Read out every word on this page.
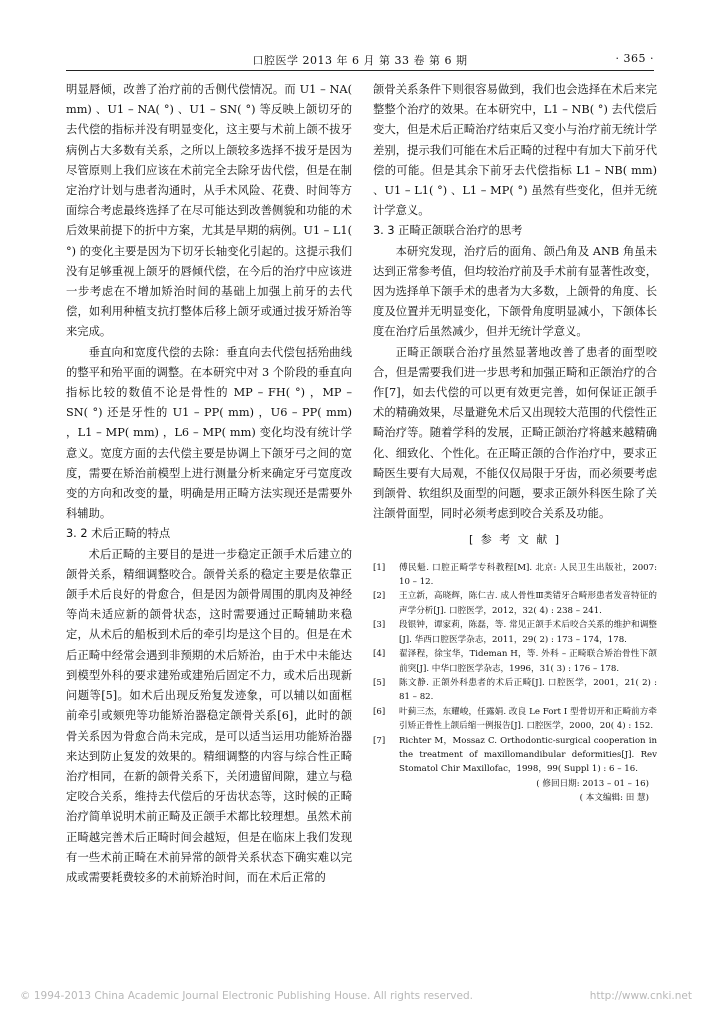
口腔医学 2013 年 6 月 第 33 卷 第 6 期	· 365 ·

明显唇倾，改善了治疗前的舌侧代偿情况。而 U1 – NA( mm) 、U1 – NA( °) 、U1 – SN( °) 等反映上颌切牙的去代偿的指标并没有明显变化，这主要与术前上颌不拔牙病例占大多数有关系，之所以上颌较多选择不拔牙是因为尽管原则上我们应该在术前完全去除牙齿代偿，但是在制定治疗计划与患者沟通时，从手术风险、花费、时间等方面综合考虑最终选择了在尽可能达到改善侧貌和功能的术后效果前提下的折中方案，尤其是早期的病例。U1 – L1( °) 的变化主要是因为下切牙长轴变化引起的。这提示我们没有足够重视上颌牙的唇倾代偿，在今后的治疗中应该进一步考虑在不增加矫治时间的基础上加强上前牙的去代偿，如利用种植支抗打整体后移上颌牙或通过拔牙矫治等来完成。

垂直向和宽度代偿的去除：垂直向去代偿包括殆曲线的整平和殆平面的调整。在本研究中对 3 个阶段的垂直向指标比较的数值不论是骨性的 MP – FH( °) ，MP – SN( °) 还是牙性的 U1 – PP( mm) ，U6 – PP( mm) ，L1 – MP( mm) ，L6 – MP( mm) 变化均没有统计学意义。宽度方面的去代偿主要是协调上下颌牙弓之间的宽度，需要在矫治前模型上进行测量分析来确定牙弓宽度改变的方向和改变的量，明确是用正畸方法实现还是需要外科辅助。

3. 2 术后正畸的特点

术后正畸的主要目的是进一步稳定正颌手术后建立的颌骨关系，精细调整咬合。颌骨关系的稳定主要是依靠正颌手术后良好的骨愈合，但是因为颌骨周围的肌肉及神经等尚未适应新的颌骨状态，这时需要通过正畸辅助来稳定，从术后的船板到术后的牵引均是这个目的。但是在术后正畸中经常会遇到非预期的术后矫治，由于术中未能达到模型外科的要求建殆或建殆后固定不力，或术后出现新问题等[5]。如术后出现反殆复发迹象，可以辅以如面框前牵引或颏兜等功能矫治器稳定颌骨关系[6]，此时的颌骨关系因为骨愈合尚未完成，是可以适当运用功能矫治器来达到防止复发的效果的。精细调整的内容与综合性正畸治疗相同，在新的颌骨关系下，关闭遗留间隙，建立与稳定咬合关系，维持去代偿后的牙齿状态等，这时候的正畸治疗简单说明术前正畸及正颌手术都比较理想。虽然术前正畸越完善术后正畸时间会越短，但是在临床上我们发现有一些术前正畸在术前异常的颌骨关系状态下确实难以完成或需要耗费较多的术前矫治时间，而在术后正常的

颌骨关系条件下则很容易做到，我们也会选择在术后来完整整个治疗的效果。在本研究中，L1 – NB( °) 去代偿后变大，但是术后正畸治疗结束后又变小与治疗前无统计学差别，提示我们可能在术后正畸的过程中有加大下前牙代偿的可能。但是其余下前牙去代偿指标 L1 – NB( mm) 、U1 – L1( °) 、L1 – MP( °) 虽然有些变化，但并无统计学意义。

3. 3 正畸正颌联合治疗的思考

本研究发现，治疗后的面角、颌凸角及 ANB 角虽未达到正常参考值，但均较治疗前及手术前有显著性改变，因为选择单下颌手术的患者为大多数，上颌骨的角度、长度及位置并无明显变化，下颌骨角度明显减小，下颌体长度在治疗后虽然减少，但并无统计学意义。

正畸正颌联合治疗虽然显著地改善了患者的面型咬合，但是需要我们进一步思考和加强正畸和正颌治疗的合作[7]，如去代偿的可以更有效更完善，如何保证正颌手术的精确效果，尽量避免术后又出现较大范围的代偿性正畸治疗等。随着学科的发展，正畸正颌治疗将越来越精确化、细致化、个性化。在正畸正颌的合作治疗中，要求正畸医生要有大局观，不能仅仅局限于牙齿，而必须要考虑到颌骨、软组织及面型的问题，要求正颌外科医生除了关注颌骨面型，同时必须考虑到咬合关系及功能。

[ 参 考 文 献 ]
[1]	傅民魁. 口腔正畸学专科教程[M]. 北京: 人民卫生出版社，2007: 10 – 12.
[2]	王立新，高晓辉，陈仁吉. 成人骨性Ⅲ类错牙合畸形患者发音特征的声学分析[J]. 口腔医学，2012，32( 4) : 238 – 241.
[3]	段银钟，谭家莉，陈磊，等. 常见正颌手术后咬合关系的维护和调整[J]. 华西口腔医学杂志，2011，29( 2) : 173 – 174，178.
[4]	翟泽程，徐宝华，Tideman H，等. 外科 – 正畸联合矫治骨性下颌前突[J]. 中华口腔医学杂志，1996，31( 3) : 176 – 178.
[5]	陈文静. 正颌外科患者的术后正畸[J]. 口腔医学，2001，21( 2) : 81 – 82.
[6]	叶蓟三杰，东耀峻，任露娟. 改良 Le Fort Ⅰ 型骨切开和正畸前方牵引矫正骨性上颌后缩一例报告[J]. 口腔医学，2000，20( 4) : 152.
[7]	Richter M，Mossaz C. Orthodontic-surgical cooperation in the treatment of maxillomandibular deformities[J]. Rev Stomatol Chir Maxillofac，1998，99( Suppl 1) : 6 – 16.
( 修回日期: 2013 – 01 – 16)
( 本文编辑: 田 慧)
© 1994-2013 China Academic Journal Electronic Publishing House. All rights reserved.	http://www.cnki.net
